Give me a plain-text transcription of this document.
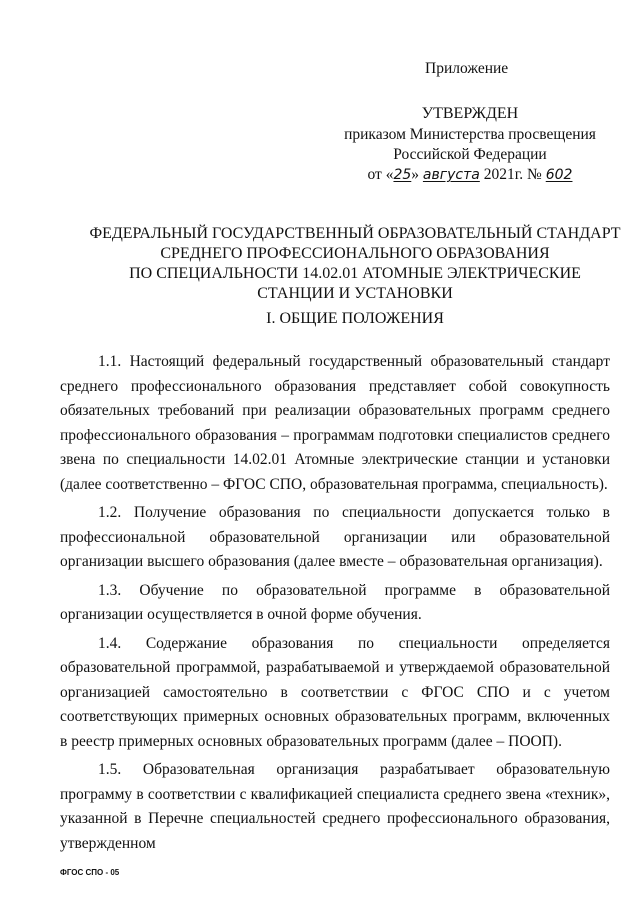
Приложение
УТВЕРЖДЕН
приказом Министерства просвещения
Российской Федерации
от «25» августа 2021г. № 602
ФЕДЕРАЛЬНЫЙ ГОСУДАРСТВЕННЫЙ ОБРАЗОВАТЕЛЬНЫЙ СТАНДАРТ
СРЕДНЕГО ПРОФЕССИОНАЛЬНОГО ОБРАЗОВАНИЯ
ПО СПЕЦИАЛЬНОСТИ 14.02.01 АТОМНЫЕ ЭЛЕКТРИЧЕСКИЕ
СТАНЦИИ И УСТАНОВКИ
I. ОБЩИЕ ПОЛОЖЕНИЯ

1.1. Настоящий федеральный государственный образовательный стандарт среднего профессионального образования представляет собой совокупность обязательных требований при реализации образовательных программ среднего профессионального образования – программам подготовки специалистов среднего звена по специальности 14.02.01 Атомные электрические станции и установки (далее соответственно – ФГОС СПО, образовательная программа, специальность).

1.2. Получение образования по специальности допускается только в профессиональной образовательной организации или образовательной организации высшего образования (далее вместе – образовательная организация).

1.3. Обучение по образовательной программе в образовательной организации осуществляется в очной форме обучения.

1.4. Содержание образования по специальности определяется образовательной программой, разрабатываемой и утверждаемой образовательной организацией самостоятельно в соответствии с ФГОС СПО и с учетом соответствующих примерных основных образовательных программ, включенных в реестр примерных основных образовательных программ (далее – ПООП).

1.5. Образовательная организация разрабатывает образовательную программу в соответствии с квалификацией специалиста среднего звена «техник», указанной в Перечне специальностей среднего профессионального образования, утвержденном

ФГОС СПО - 05
